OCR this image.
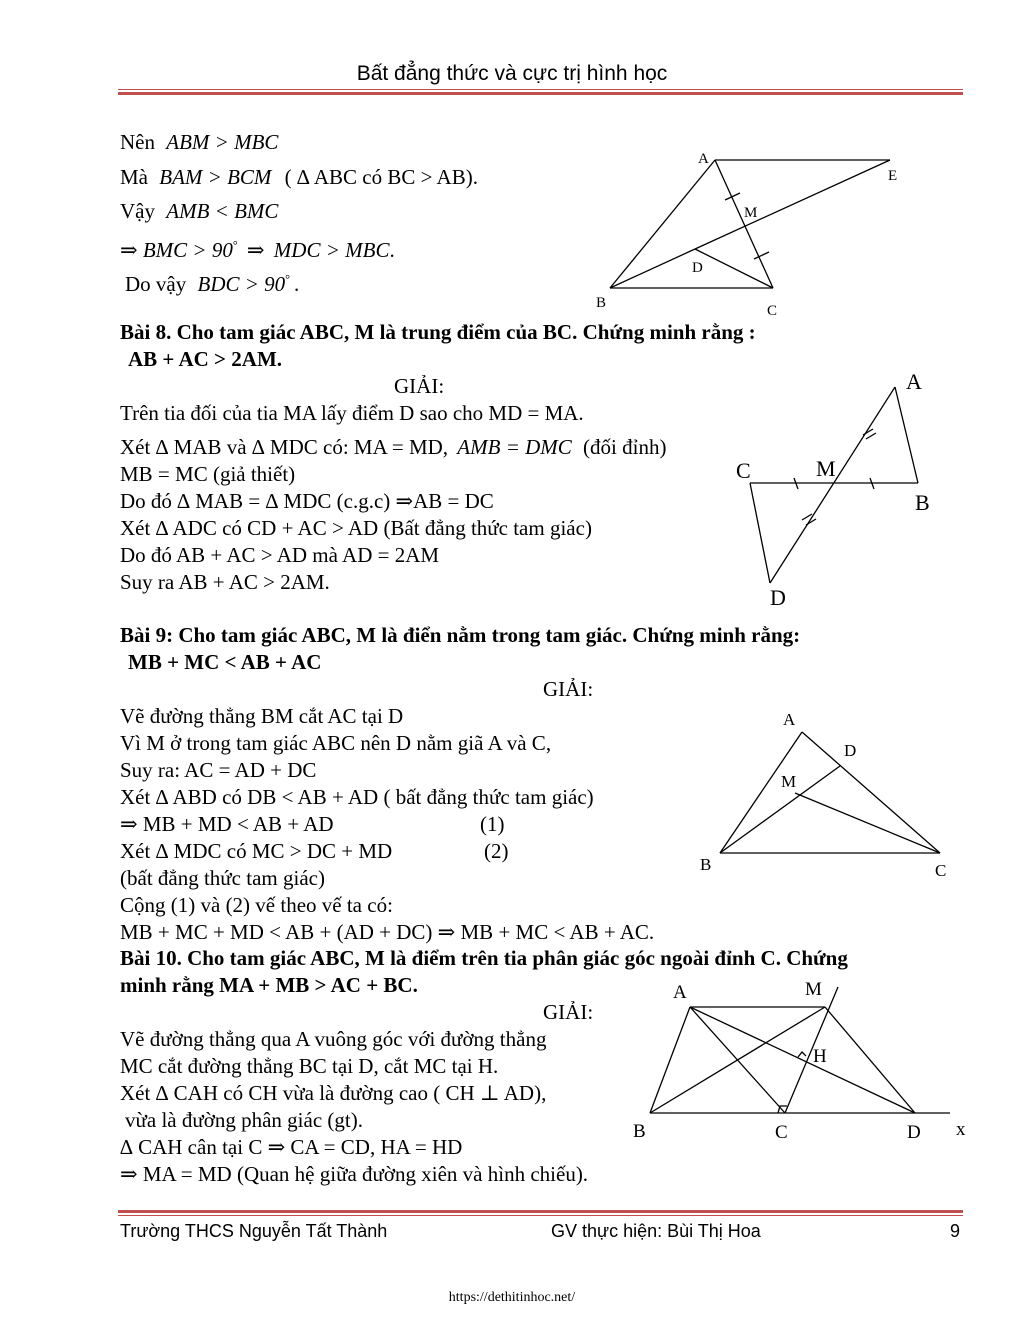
Bất đẳng thức và cực trị hình học
Nên ABM > MBC
Mà BAM > BCM ( ∆ ABC có BC > AB).
Vậy AMB < BMC
⇒ BMC > 90° ⇒ MDC > MBC.
Do vậy BDC > 90° .
A
E
M
D
B	C
Bài 8. Cho tam giác ABC, M là trung điểm của BC. Chứng minh rằng :
AB + AC > 2AM.
GIẢI:
Trên tia đối của tia MA lấy điểm D sao cho MD = MA.
Xét ∆ MAB và ∆ MDC có: MA = MD, AMB = DMC (đối đỉnh)
MB = MC (giả thiết)
Do đó ∆ MAB = ∆ MDC (c.g.c) ⇒AB = DC
Xét ∆ ADC có CD + AC > AD (Bất đẳng thức tam giác)
Do đó AB + AC > AD mà AD = 2AM
Suy ra AB + AC > 2AM.
A
C	M
B
D
Bài 9: Cho tam giác ABC, M là điển nằm trong tam giác. Chứng minh rằng:
MB + MC < AB + AC
GIẢI:
Vẽ đường thẳng BM cắt AC tại D
Vì M ở trong tam giác ABC nên D nằm giã A và C,
Suy ra: AC = AD + DC
Xét ∆ ABD có DB < AB + AD ( bất đẳng thức tam giác)
⇒ MB + MD < AB + AD	(1)
Xét ∆ MDC có MC > DC + MD	(2)
(bất đẳng thức tam giác)
Cộng (1) và (2) vế theo vế ta có:
MB + MC + MD < AB + (AD + DC) ⇒ MB + MC < AB + AC.
A
D
M
B	C
Bài 10. Cho tam giác ABC, M là điểm trên tia phân giác góc ngoài đỉnh C. Chứng
minh rằng MA + MB > AC + BC.
GIẢI:
Vẽ đường thẳng qua A vuông góc với đường thẳng
MC cắt đường thẳng BC tại D, cắt MC tại H.
Xét ∆ CAH có CH vừa là đường cao ( CH ⊥ AD),
vừa là đường phân giác (gt).
∆ CAH cân tại C ⇒ CA = CD, HA = HD
⇒ MA = MD (Quan hệ giữa đường xiên và hình chiếu).
A	M
H
B	C	D x
Trường THCS Nguyễn Tất Thành	GV thực hiện: Bùi Thị Hoa	9
https://dethitinhoc.net/
